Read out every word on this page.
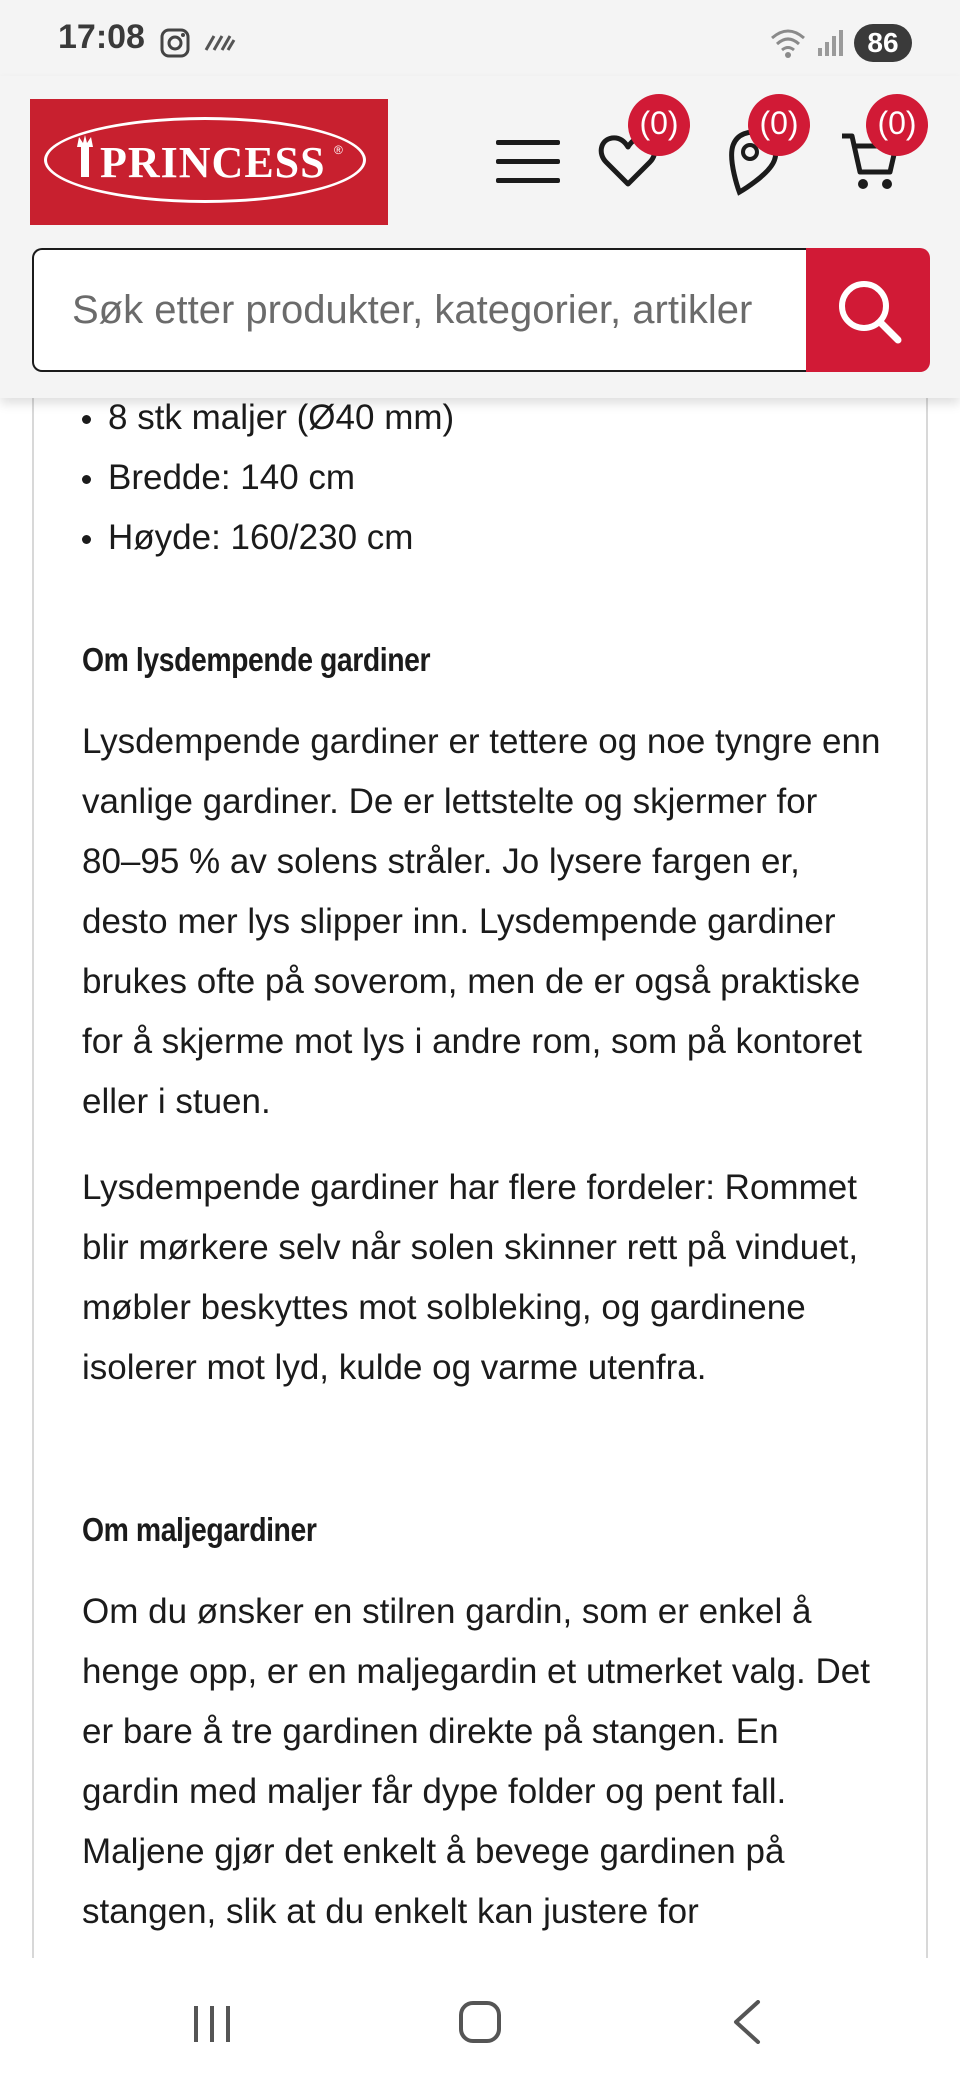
17:08	86
PRINCESS ®
(0)	(0)	(0)
Søk etter produkter, kategorier, artikler
8 stk maljer (Ø40 mm)
Bredde: 140 cm
Høyde: 160/230 cm
Om lysdempende gardiner

Lysdempende gardiner er tettere og noe tyngre enn vanlige gardiner. De er lettstelte og skjermer for 80–95 % av solens stråler. Jo lysere fargen er, desto mer lys slipper inn. Lysdempende gardiner brukes ofte på soverom, men de er også praktiske for å skjerme mot lys i andre rom, som på kontoret eller i stuen.

Lysdempende gardiner har flere fordeler: Rommet blir mørkere selv når solen skinner rett på vinduet, møbler beskyttes mot solbleking, og gardinene isolerer mot lyd, kulde og varme utenfra.

Om maljegardiner

Om du ønsker en stilren gardin, som er enkel å henge opp, er en maljegardin et utmerket valg. Det er bare å tre gardinen direkte på stangen. En gardin med maljer får dype folder og pent fall. Maljene gjør det enkelt å bevege gardinen på stangen, slik at du enkelt kan justere for
